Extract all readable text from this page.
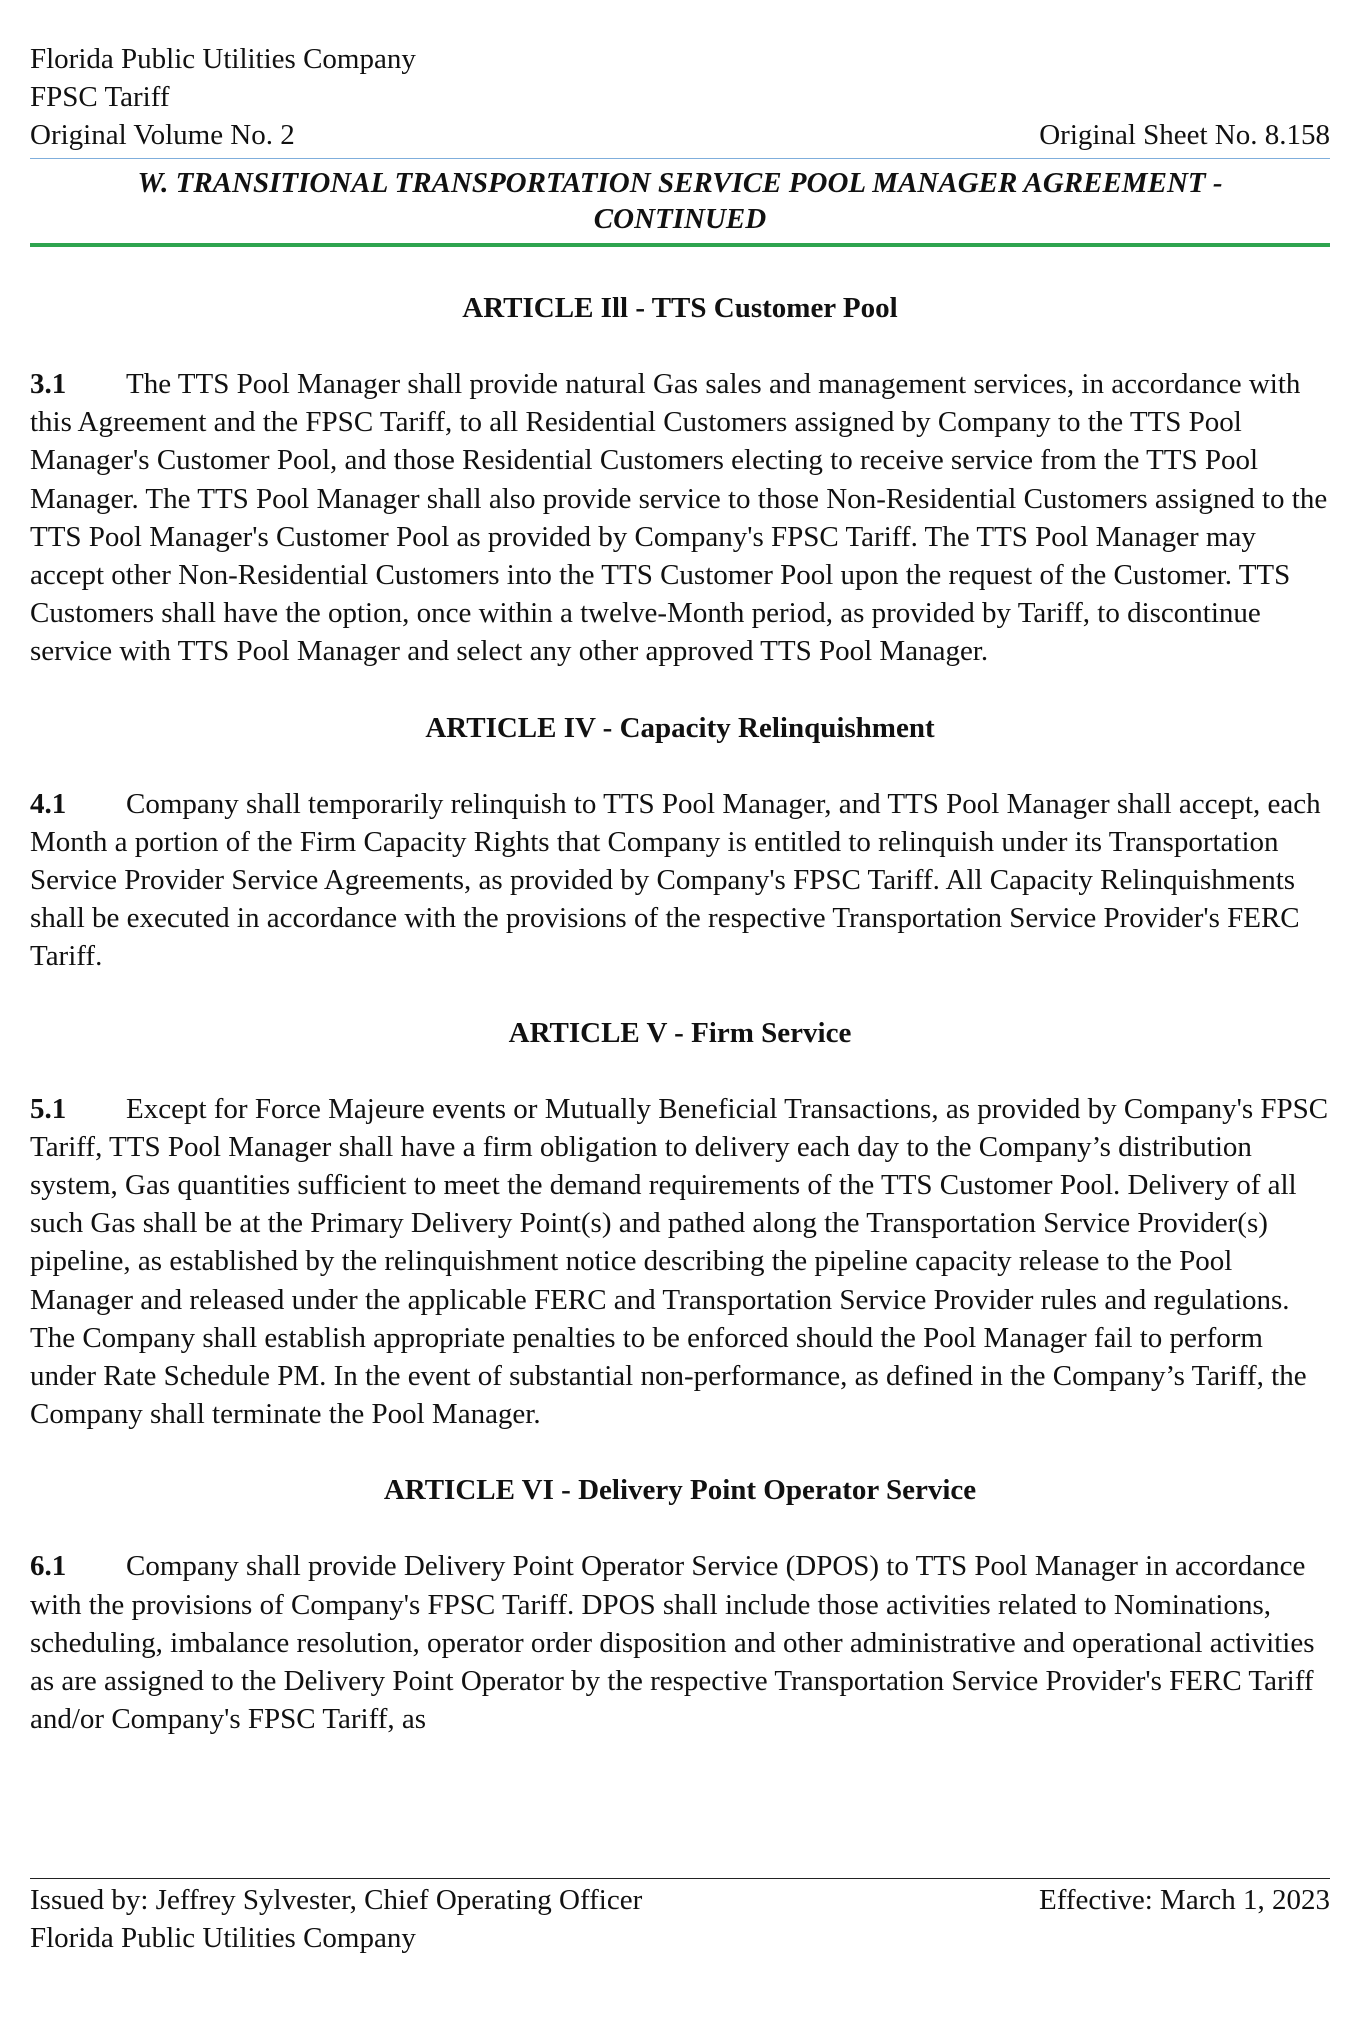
Florida Public Utilities Company
FPSC Tariff
Original Volume No. 2	Original Sheet No. 8.158
W. TRANSITIONAL TRANSPORTATION SERVICE POOL MANAGER AGREEMENT -
CONTINUED
ARTICLE Ill - TTS Customer Pool
3.1 The TTS Pool Manager shall provide natural Gas sales and management services, in accordance with this Agreement and the FPSC Tariff, to all Residential Customers assigned by Company to the TTS Pool Manager's Customer Pool, and those Residential Customers electing to receive service from the TTS Pool Manager. The TTS Pool Manager shall also provide service to those Non-Residential Customers assigned to the TTS Pool Manager's Customer Pool as provided by Company's FPSC Tariff. The TTS Pool Manager may accept other Non-Residential Customers into the TTS Customer Pool upon the request of the Customer. TTS Customers shall have the option, once within a twelve-Month period, as provided by Tariff, to discontinue service with TTS Pool Manager and select any other approved TTS Pool Manager.
ARTICLE IV - Capacity Relinquishment
4.1 Company shall temporarily relinquish to TTS Pool Manager, and TTS Pool Manager shall accept, each Month a portion of the Firm Capacity Rights that Company is entitled to relinquish under its Transportation Service Provider Service Agreements, as provided by Company's FPSC Tariff. All Capacity Relinquishments shall be executed in accordance with the provisions of the respective Transportation Service Provider's FERC Tariff.
ARTICLE V - Firm Service
5.1 Except for Force Majeure events or Mutually Beneficial Transactions, as provided by Company's FPSC Tariff, TTS Pool Manager shall have a firm obligation to delivery each day to the Company’s distribution system, Gas quantities sufficient to meet the demand requirements of the TTS Customer Pool. Delivery of all such Gas shall be at the Primary Delivery Point(s) and pathed along the Transportation Service Provider(s) pipeline, as established by the relinquishment notice describing the pipeline capacity release to the Pool Manager and released under the applicable FERC and Transportation Service Provider rules and regulations. The Company shall establish appropriate penalties to be enforced should the Pool Manager fail to perform under Rate Schedule PM. In the event of substantial non-performance, as defined in the Company’s Tariff, the Company shall terminate the Pool Manager.
ARTICLE VI - Delivery Point Operator Service
6.1 Company shall provide Delivery Point Operator Service (DPOS) to TTS Pool Manager in accordance with the provisions of Company's FPSC Tariff. DPOS shall include those activities related to Nominations, scheduling, imbalance resolution, operator order disposition and other administrative and operational activities as are assigned to the Delivery Point Operator by the respective Transportation Service Provider's FERC Tariff and/or Company's FPSC Tariff, as
Issued by: Jeffrey Sylvester, Chief Operating Officer	Effective: March 1, 2023
Florida Public Utilities Company
